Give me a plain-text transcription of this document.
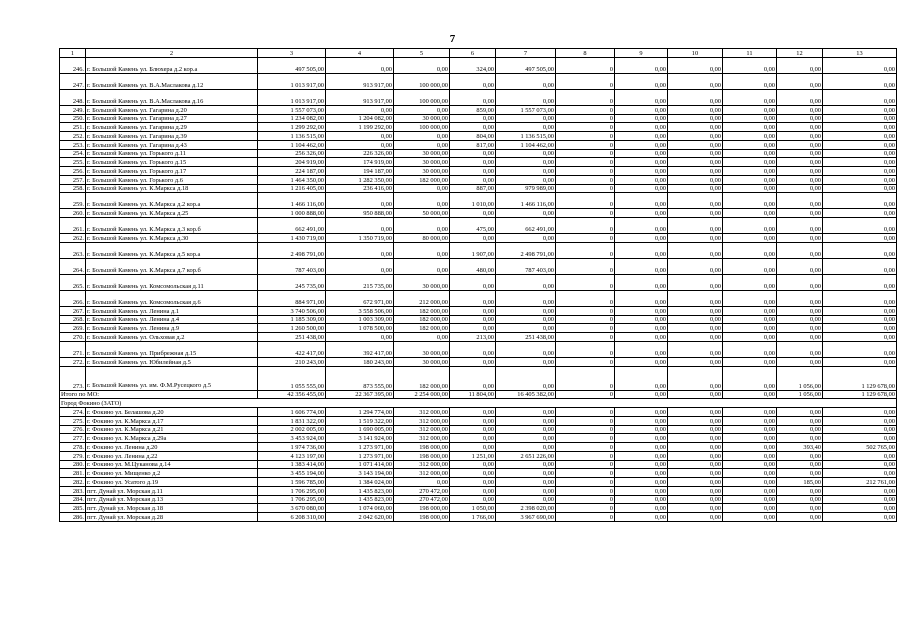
7
1	2	3	4	5	6	7	8	9	10	11	12	13
246.	г. Большой Камень ул. Блюхера д.2 кор.а	497 505,00	0,00	0,00	324,00	497 505,00	0	0,00	0,00	0,00	0,00	0,00
247.	г. Большой Камень ул. В.А.Маслакова д.12	1 013 917,00	913 917,00	100 000,00	0,00	0,00	0	0,00	0,00	0,00	0,00	0,00
248.	г. Большой Камень ул. В.А.Маслакова д.16	1 013 917,00	913 917,00	100 000,00	0,00	0,00	0	0,00	0,00	0,00	0,00	0,00
249.	г. Большой Камень ул. Гагарина д.20	1 557 073,00	0,00	0,00	859,00	1 557 073,00	0	0,00	0,00	0,00	0,00	0,00
250.	г. Большой Камень ул. Гагарина д.27	1 234 082,00	1 204 082,00	30 000,00	0,00	0,00	0	0,00	0,00	0,00	0,00	0,00
251.	г. Большой Камень ул. Гагарина д.29	1 299 292,00	1 199 292,00	100 000,00	0,00	0,00	0	0,00	0,00	0,00	0,00	0,00
252.	г. Большой Камень ул. Гагарина д.39	1 136 515,00	0,00	0,00	804,00	1 136 515,00	0	0,00	0,00	0,00	0,00	0,00
253.	г. Большой Камень ул. Гагарина д.43	1 104 462,00	0,00	0,00	817,00	1 104 462,00	0	0,00	0,00	0,00	0,00	0,00
254.	г. Большой Камень ул. Горького д.11	256 326,00	226 326,00	30 000,00	0,00	0,00	0	0,00	0,00	0,00	0,00	0,00
255.	г. Большой Камень ул. Горького д.15	204 919,00	174 919,00	30 000,00	0,00	0,00	0	0,00	0,00	0,00	0,00	0,00
256.	г. Большой Камень ул. Горького д.17	224 187,00	194 187,00	30 000,00	0,00	0,00	0	0,00	0,00	0,00	0,00	0,00
257.	г. Большой Камень ул. Горького д.6	1 464 350,00	1 282 350,00	182 000,00	0,00	0,00	0	0,00	0,00	0,00	0,00	0,00
258.	г. Большой Камень ул. К.Маркса д.18	1 216 405,00	236 416,00	0,00	887,00	979 989,00	0	0,00	0,00	0,00	0,00	0,00
259.	г. Большой Камень ул. К.Маркса д.2 кор.а	1 466 116,00	0,00	0,00	1 010,00	1 466 116,00	0	0,00	0,00	0,00	0,00	0,00
260.	г. Большой Камень ул. К.Маркса д.25	1 000 888,00	950 888,00	50 000,00	0,00	0,00	0	0,00	0,00	0,00	0,00	0,00
261.	г. Большой Камень ул. К.Маркса д.3 кор.б	662 491,00	0,00	0,00	475,00	662 491,00	0	0,00	0,00	0,00	0,00	0,00
262.	г. Большой Камень ул. К.Маркса д.30	1 430 719,00	1 350 719,00	80 000,00	0,00	0,00	0	0,00	0,00	0,00	0,00	0,00
263.	г. Большой Камень ул. К.Маркса д.5 кор.а	2 498 791,00	0,00	0,00	1 907,00	2 498 791,00	0	0,00	0,00	0,00	0,00	0,00
264.	г. Большой Камень ул. К.Маркса д.7 кор.б	787 403,00	0,00	0,00	480,00	787 403,00	0	0,00	0,00	0,00	0,00	0,00
265.	г. Большой Камень ул. Комсомольская д.11	245 735,00	215 735,00	30 000,00	0,00	0,00	0	0,00	0,00	0,00	0,00	0,00
266.	г. Большой Камень ул. Комсомольская д.6	884 971,00	672 971,00	212 000,00	0,00	0,00	0	0,00	0,00	0,00	0,00	0,00
267.	г. Большой Камень ул. Ленина д.1	3 740 506,00	3 558 506,00	182 000,00	0,00	0,00	0	0,00	0,00	0,00	0,00	0,00
268.	г. Большой Камень ул. Ленина д.4	1 185 309,00	1 003 309,00	182 000,00	0,00	0,00	0	0,00	0,00	0,00	0,00	0,00
269.	г. Большой Камень ул. Ленина д.9	1 260 500,00	1 078 500,00	182 000,00	0,00	0,00	0	0,00	0,00	0,00	0,00	0,00
270.	г. Большой Камень ул. Ольховая д.2	251 438,00	0,00	0,00	213,00	251 438,00	0	0,00	0,00	0,00	0,00	0,00
271.	г. Большой Камень ул. Прибрежная д.15	422 417,00	392 417,00	30 000,00	0,00	0,00	0	0,00	0,00	0,00	0,00	0,00
272.	г. Большой Камень ул. Юбилейная д.5	210 243,00	180 243,00	30 000,00	0,00	0,00	0	0,00	0,00	0,00	0,00	0,00
273.	г. Большой Камень ул. им. Ф.М.Русецкого д.5	1 055 555,00	873 555,00	182 000,00	0,00	0,00	0	0,00	0,00	0,00	1 056,00	1 129 678,00
Итого по МО:		42 356 455,00	22 367 395,00	2 254 000,00	11 804,00	16 405 382,00	0	0,00	0,00	0,00	1 056,00	1 129 678,00
Город Фокино (ЗАТО)												
274.	г. Фокино ул. Белашова д.20	1 606 774,00	1 294 774,00	312 000,00	0,00	0,00	0	0,00	0,00	0,00	0,00	0,00
275.	г. Фокино ул. К.Маркса д.17	1 831 322,00	1 519 322,00	312 000,00	0,00	0,00	0	0,00	0,00	0,00	0,00	0,00
276.	г. Фокино ул. К.Маркса д.21	2 002 005,00	1 690 005,00	312 000,00	0,00	0,00	0	0,00	0,00	0,00	0,00	0,00
277.	г. Фокино ул. К.Маркса д.29а	3 453 924,00	3 141 924,00	312 000,00	0,00	0,00	0	0,00	0,00	0,00	0,00	0,00
278.	г. Фокино ул. Ленина д.20	1 974 736,00	1 273 971,00	198 000,00	0,00	0,00	0	0,00	0,00	0,00	393,40	502 765,00
279.	г. Фокино ул. Ленина д.22	4 123 197,00	1 273 971,00	198 000,00	1 251,00	2 651 226,00	0	0,00	0,00	0,00	0,00	0,00
280.	г. Фокино ул. М.Цуканова д.14	1 383 414,00	1 071 414,00	312 000,00	0,00	0,00	0	0,00	0,00	0,00	0,00	0,00
281.	г. Фокино ул. Мищенко д.2	3 455 194,00	3 143 194,00	312 000,00	0,00	0,00	0	0,00	0,00	0,00	0,00	0,00
282.	г. Фокино ул. Усатого д.19	1 596 785,00	1 384 024,00	0,00	0,00	0,00	0	0,00	0,00	0,00	185,00	212 761,00
283.	пгт. Дунай ул. Морская д.11	1 706 295,00	1 435 823,00	270 472,00	0,00	0,00	0	0,00	0,00	0,00	0,00	0,00
284.	пгт. Дунай ул. Морская д.13	1 706 295,00	1 435 823,00	270 472,00	0,00	0,00	0	0,00	0,00	0,00	0,00	0,00
285.	пгт. Дунай ул. Морская д.18	3 670 080,00	1 074 060,00	198 000,00	1 050,00	2 398 020,00	0	0,00	0,00	0,00	0,00	0,00
286.	пгт. Дунай ул. Морская д.28	6 208 310,00	2 042 620,00	198 000,00	1 766,00	3 967 690,00	0	0,00	0,00	0,00	0,00	0,00
